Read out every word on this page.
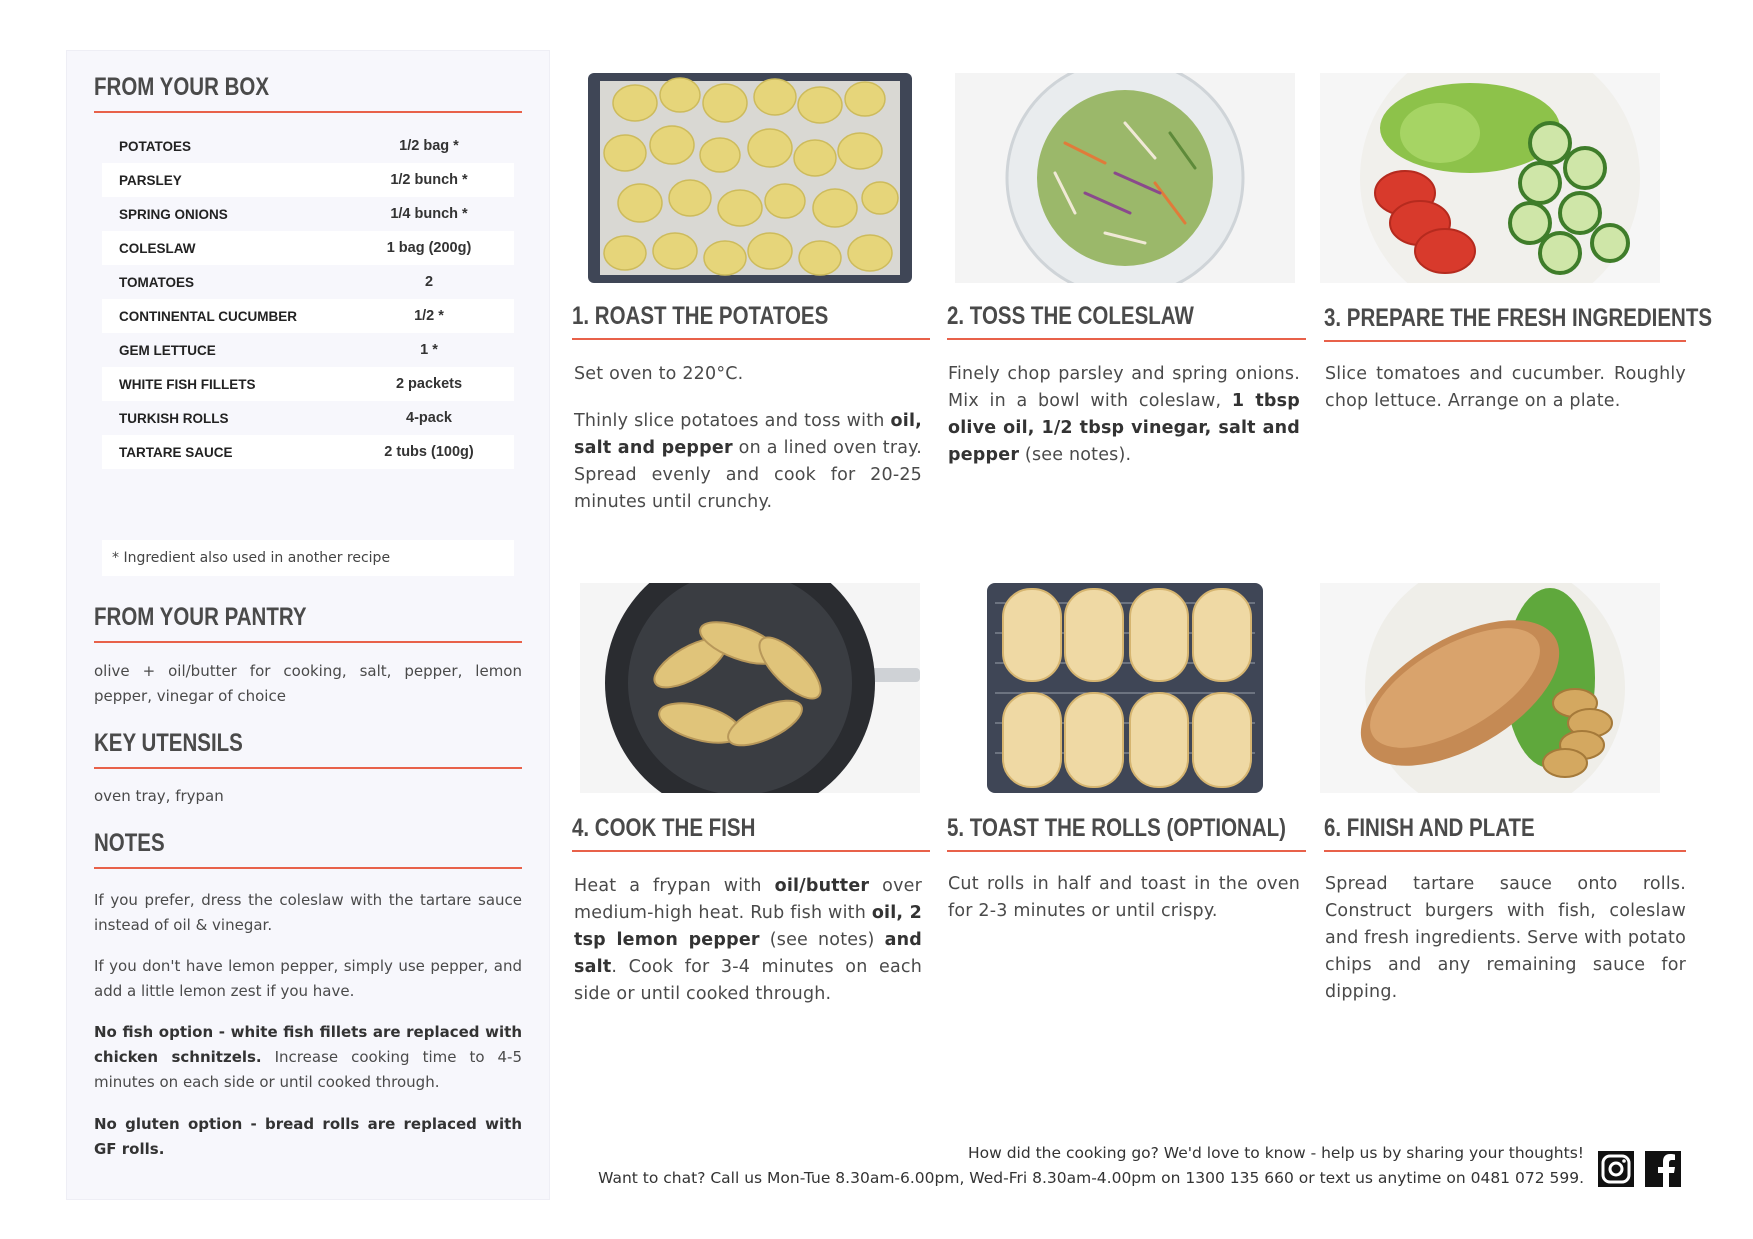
FROM YOUR BOX
POTATOES	1/2 bag *
PARSLEY	1/2 bunch *
SPRING ONIONS	1/4 bunch *
COLESLAW	1 bag (200g)
TOMATOES	2
CONTINENTAL CUCUMBER	1/2 *
GEM LETTUCE	1 *
WHITE FISH FILLETS	2 packets
TURKISH ROLLS	4-pack
TARTARE SAUCE	2 tubs (100g)
* Ingredient also used in another recipe
FROM YOUR PANTRY

olive + oil/butter for cooking, salt, pepper, lemon pepper, vinegar of choice

KEY UTENSILS

oven tray, frypan

NOTES

If you prefer, dress the coleslaw with the tartare sauce instead of oil & vinegar.

If you don't have lemon pepper, simply use pepper, and add a little lemon zest if you have.

No fish option - white fish fillets are replaced with chicken schnitzels. Increase cooking time to 4-5 minutes on each side or until cooked through.

No gluten option - bread rolls are replaced with GF rolls.

1. ROAST THE POTATOES
Set oven to 220°C.
Thinly slice potatoes and toss with oil, salt and pepper on a lined oven tray. Spread evenly and cook for 20-25 minutes until crunchy.
2. TOSS THE COLESLAW
Finely chop parsley and spring onions. Mix in a bowl with coleslaw, 1 tbsp olive oil, 1/2 tbsp vinegar, salt and pepper (see notes).
3. PREPARE THE FRESH INGREDIENTS
Slice tomatoes and cucumber. Roughly chop lettuce. Arrange on a plate.
4. COOK THE FISH
Heat a frypan with oil/butter over medium-high heat. Rub fish with oil, 2 tsp lemon pepper (see notes) and salt. Cook for 3-4 minutes on each side or until cooked through.
5. TOAST THE ROLLS (OPTIONAL)
Cut rolls in half and toast in the oven for 2-3 minutes or until crispy.
6. FINISH AND PLATE
Spread tartare sauce onto rolls. Construct burgers with fish, coleslaw and fresh ingredients. Serve with potato chips and any remaining sauce for dipping.
How did the cooking go? We'd love to know - help us by sharing your thoughts!
Want to chat? Call us Mon-Tue 8.30am-6.00pm, Wed-Fri 8.30am-4.00pm on 1300 135 660 or text us anytime on 0481 072 599.
